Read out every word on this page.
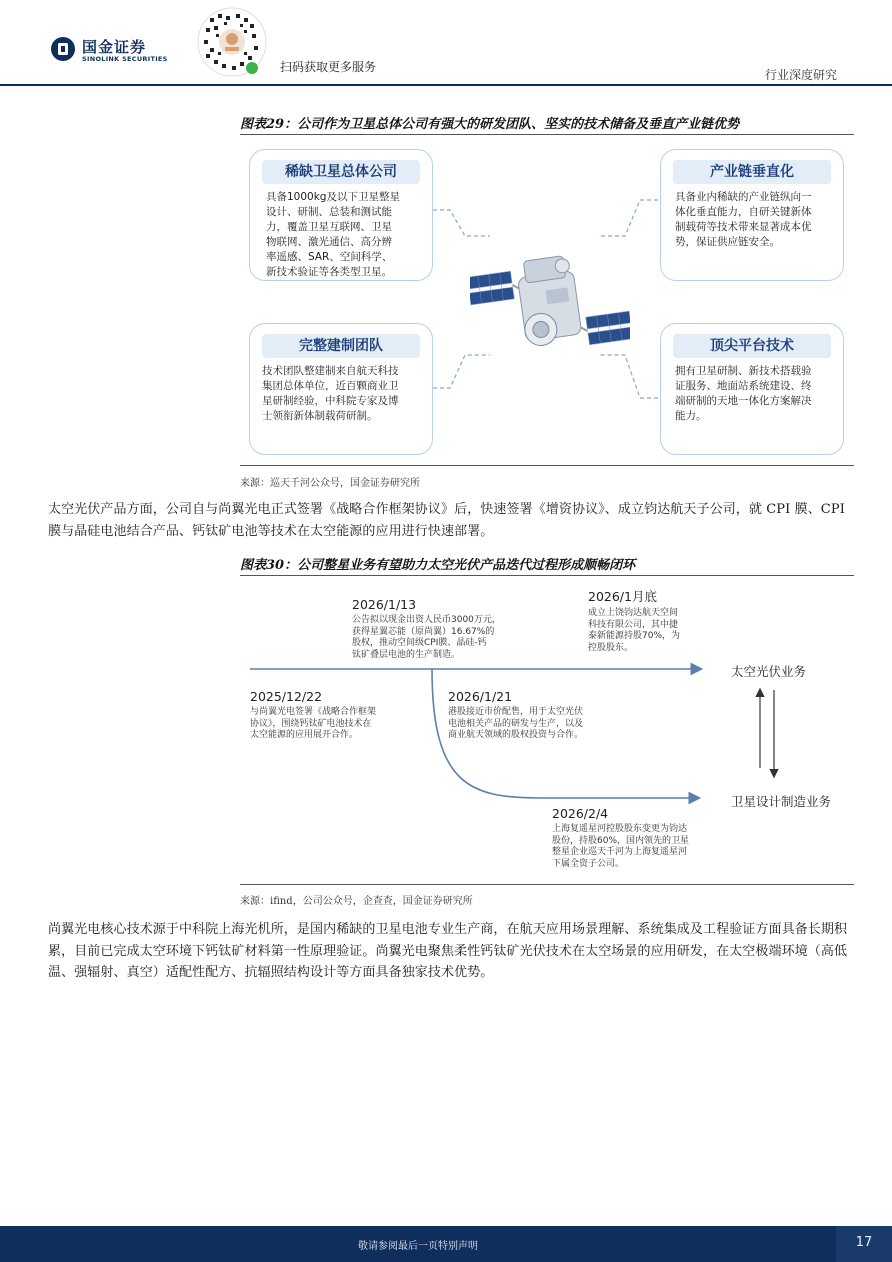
国金证券
SINOLINK SECURITIES
扫码获取更多服务
行业深度研究
图表29：公司作为卫星总体公司有强大的研发团队、坚实的技术储备及垂直产业链优势
稀缺卫星总体公司
具备1000kg及以下卫星整星
设计、研制、总装和测试能
力，覆盖卫星互联网、卫星
物联网、激光通信、高分辨
率遥感、SAR、空间科学、
新技术验证等各类型卫星。
产业链垂直化
具备业内稀缺的产业链纵向一
体化垂直能力，自研关键新体
制载荷等技术带来显著成本优
势，保证供应链安全。
完整建制团队
技术团队整建制来自航天科技
集团总体单位，近百颗商业卫
星研制经验，中科院专家及博
士领衔新体制载荷研制。
顶尖平台技术
拥有卫星研制、新技术搭载验
证服务、地面站系统建设、终
端研制的天地一体化方案解决
能力。
来源：巡天千河公众号，国金证券研究所
太空光伏产品方面，公司自与尚翼光电正式签署《战略合作框架协议》后，快速签署《增资协议》、成立钧达航天子公司，就 CPI 膜、CPI 膜与晶硅电池结合产品、钙钛矿电池等技术在太空能源的应用进行快速部署。
图表30：公司整星业务有望助力太空光伏产品迭代过程形成顺畅闭环
2026/1/13
公告拟以现金出资人民币3000万元，
获得星翼芯能（原尚翼）16.67%的
股权，推动空间级CPI膜、晶硅-钙
钛矿叠层电池的生产制造。
2026/1月底
成立上饶钧达航天空间
科技有限公司，其中捷
泰新能源持股70%，为
控股股东。
2025/12/22
与尚翼光电签署《战略合作框架
协议》，围绕钙钛矿电池技术在
太空能源的应用展开合作。
2026/1/21
港股接近市价配售，用于太空光伏
电池相关产品的研发与生产，以及
商业航天领域的股权投资与合作。
2026/2/4
上海复遥星河控股股东变更为钧达
股份，持股60%，国内领先的卫星
整星企业巡天千河为上海复遥星河
下属全资子公司。
太空光伏业务
卫星设计制造业务
来源：ifind，公司公众号，企查查，国金证券研究所
尚翼光电核心技术源于中科院上海光机所，是国内稀缺的卫星电池专业生产商，在航天应用场景理解、系统集成及工程验证方面具备长期积累，目前已完成太空环境下钙钛矿材料第一性原理验证。尚翼光电聚焦柔性钙钛矿光伏技术在太空场景的应用研发，在太空极端环境（高低温、强辐射、真空）适配性配方、抗辐照结构设计等方面具备独家技术优势。
敬请参阅最后一页特别声明	17
